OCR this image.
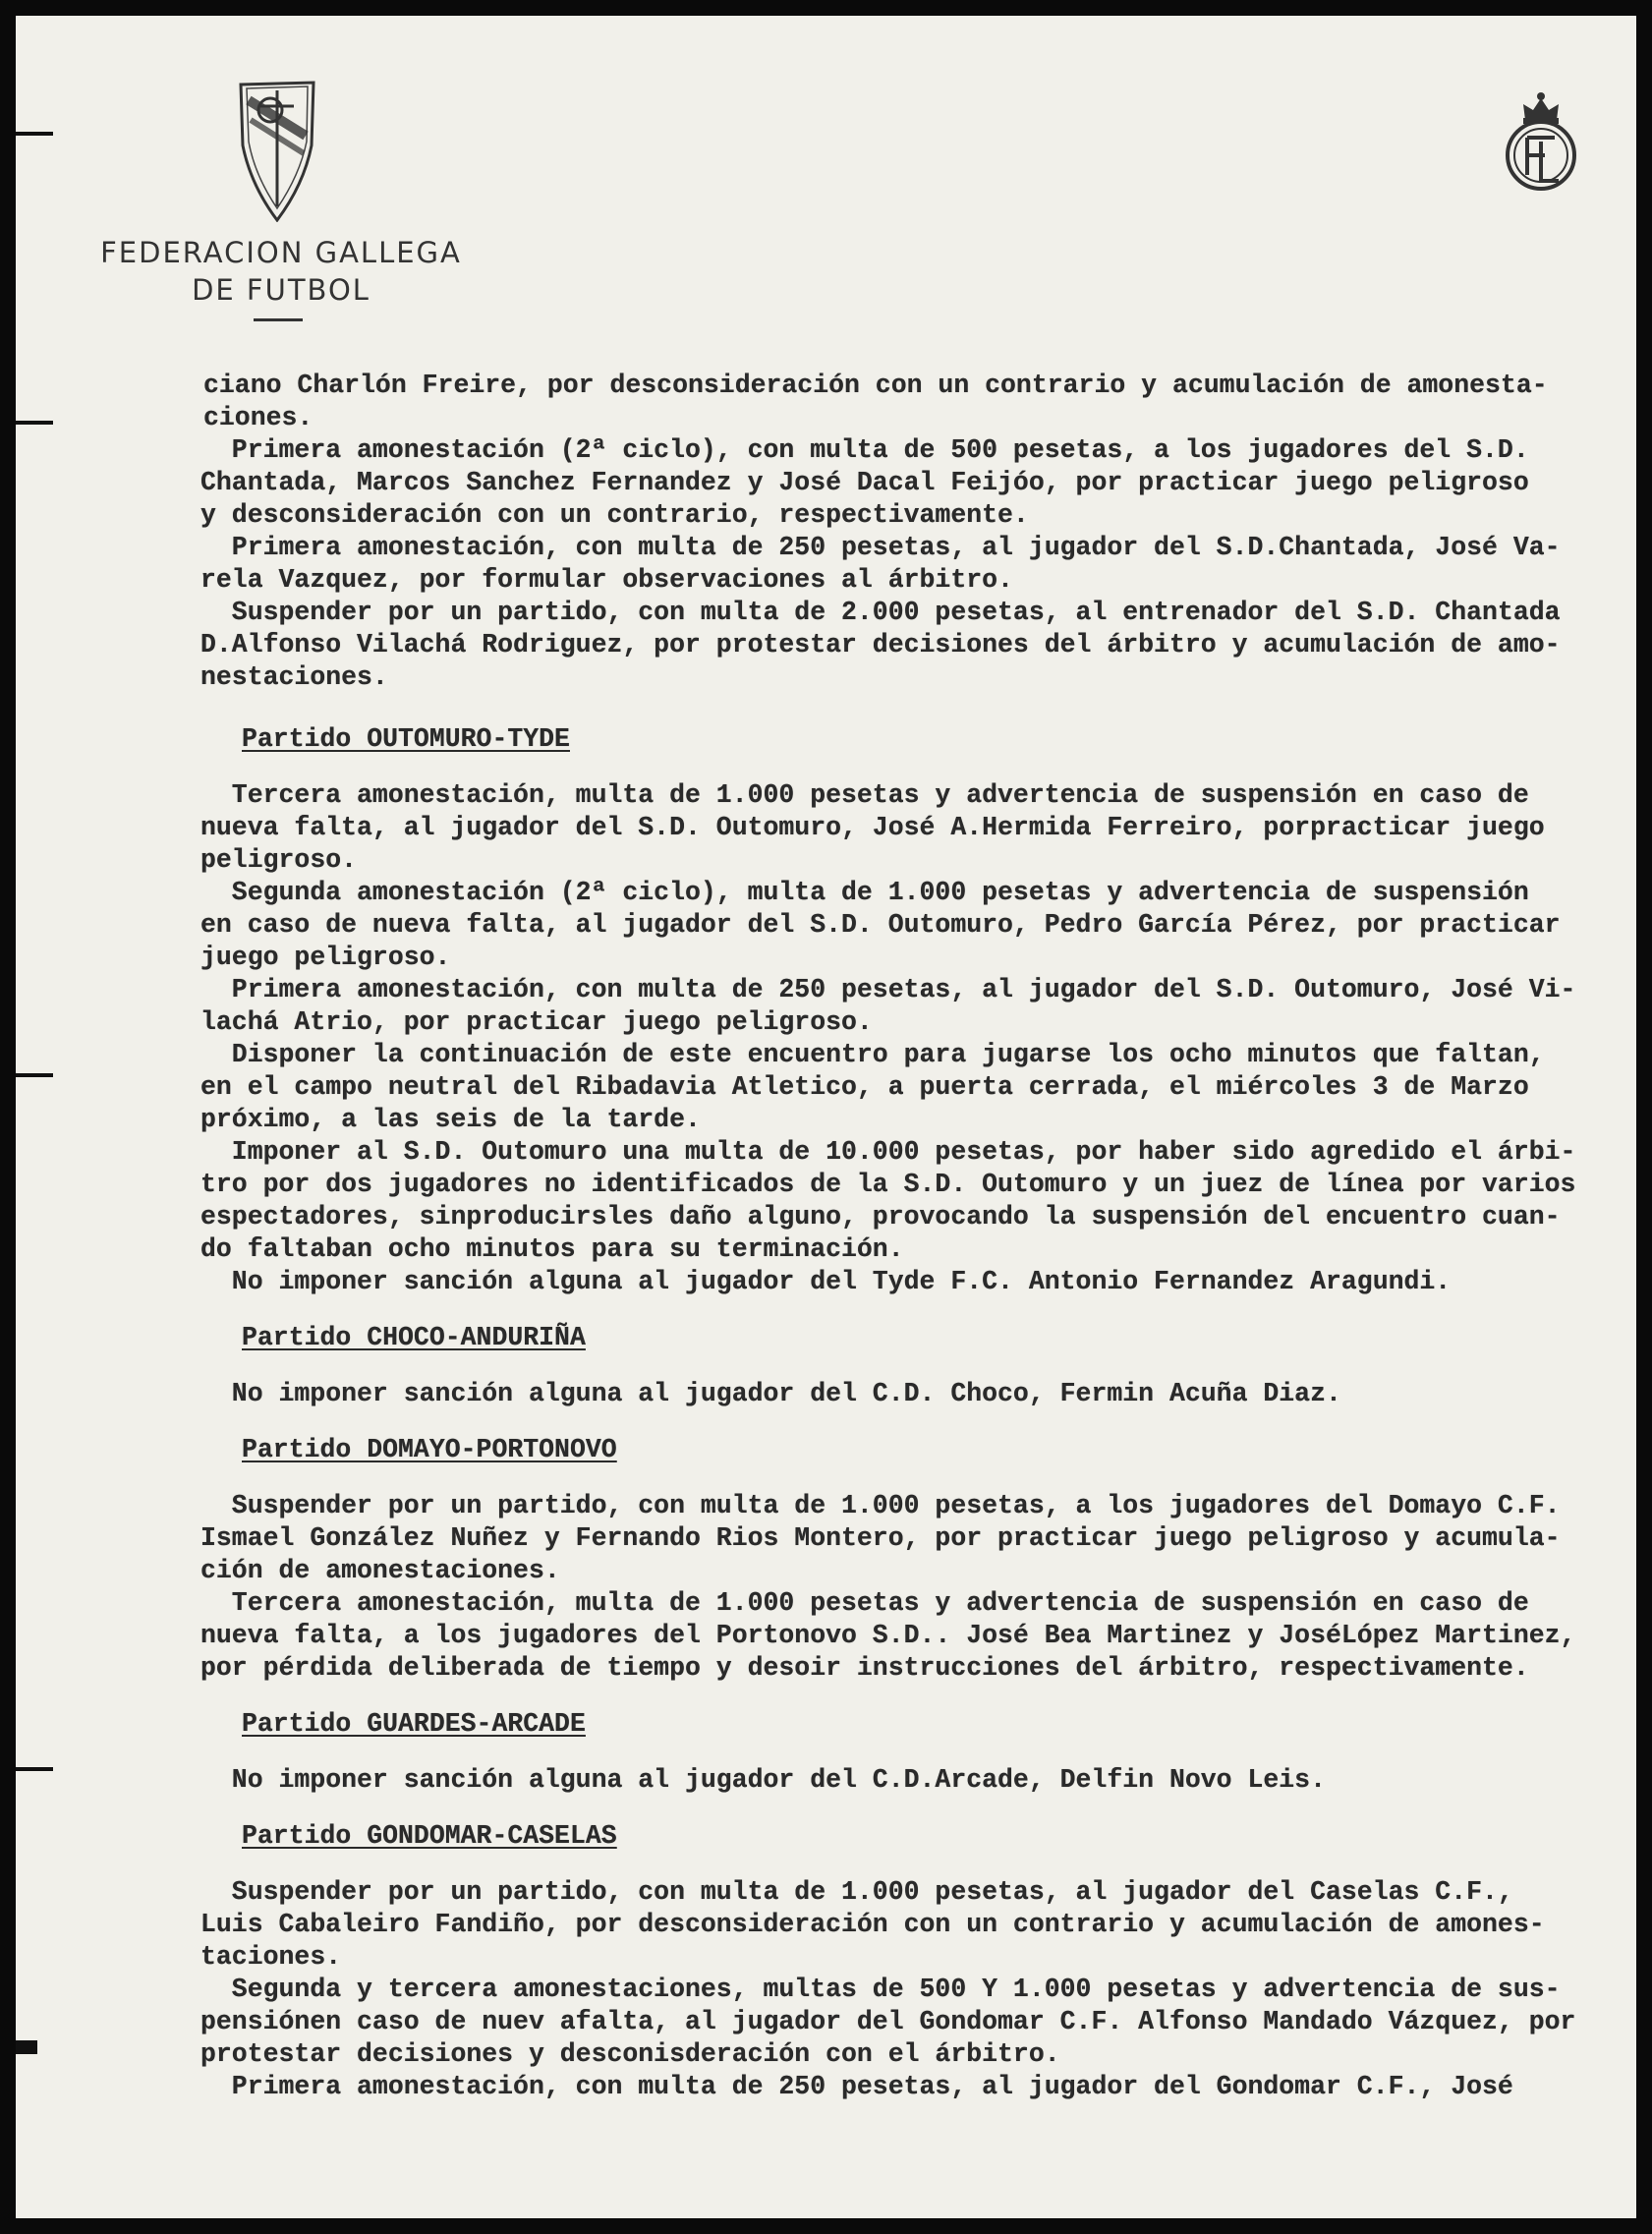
FEDERACION GALLEGA
DE FUTBOL

ciano Charlón Freire, por desconsideración con un contrario y acumulación de amonesta-

ciones.

Primera amonestación (2ª ciclo), con multa de 500 pesetas, a los jugadores del S.D.

Chantada, Marcos Sanchez Fernandez y José Dacal Feijóo, por practicar juego peligroso

y desconsideración con un contrario, respectivamente.

Primera amonestación, con multa de 250 pesetas, al jugador del S.D.Chantada, José Va-

rela Vazquez, por formular observaciones al árbitro.

Suspender por un partido, con multa de 2.000 pesetas, al entrenador del S.D. Chantada

D.Alfonso Vilachá Rodriguez, por protestar decisiones del árbitro y acumulación de amo-

nestaciones.

Partido OUTOMURO-TYDE

Tercera amonestación, multa de 1.000 pesetas y advertencia de suspensión en caso de

nueva falta, al jugador del S.D. Outomuro, José A.Hermida Ferreiro, porpracticar juego

peligroso.

Segunda amonestación (2ª ciclo), multa de 1.000 pesetas y advertencia de suspensión

en caso de nueva falta, al jugador del S.D. Outomuro, Pedro García Pérez, por practicar

juego peligroso.

Primera amonestación, con multa de 250 pesetas, al jugador del S.D. Outomuro, José Vi-

lachá Atrio, por practicar juego peligroso.

Disponer la continuación de este encuentro para jugarse los ocho minutos que faltan,

en el campo neutral del Ribadavia Atletico, a puerta cerrada, el miércoles 3 de Marzo

próximo, a las seis de la tarde.

Imponer al S.D. Outomuro una multa de 10.000 pesetas, por haber sido agredido el árbi-

tro por dos jugadores no identificados de la S.D. Outomuro y un juez de línea por varios

espectadores, sinproducirsles daño alguno, provocando la suspensión del encuentro cuan-

do faltaban ocho minutos para su terminación.

No imponer sanción alguna al jugador del Tyde F.C. Antonio Fernandez Aragundi.

Partido CHOCO-ANDURIÑA

No imponer sanción alguna al jugador del C.D. Choco, Fermin Acuña Diaz.

Partido DOMAYO-PORTONOVO

Suspender por un partido, con multa de 1.000 pesetas, a los jugadores del Domayo C.F.

Ismael González Nuñez y Fernando Rios Montero, por practicar juego peligroso y acumula-

ción de amonestaciones.

Tercera amonestación, multa de 1.000 pesetas y advertencia de suspensión en caso de

nueva falta, a los jugadores del Portonovo S.D.. José Bea Martinez y JoséLópez Martinez,

por pérdida deliberada de tiempo y desoir instrucciones del árbitro, respectivamente.

Partido GUARDES-ARCADE

No imponer sanción alguna al jugador del C.D.Arcade, Delfin Novo Leis.

Partido GONDOMAR-CASELAS

Suspender por un partido, con multa de 1.000 pesetas, al jugador del Caselas C.F.,

Luis Cabaleiro Fandiño, por desconsideración con un contrario y acumulación de amones-

taciones.

Segunda y tercera amonestaciones, multas de 500 Y 1.000 pesetas y advertencia de sus-

pensiónen caso de nuev afalta, al jugador del Gondomar C.F. Alfonso Mandado Vázquez, por

protestar decisiones y desconisderación con el árbitro.

Primera amonestación, con multa de 250 pesetas, al jugador del Gondomar C.F., José
